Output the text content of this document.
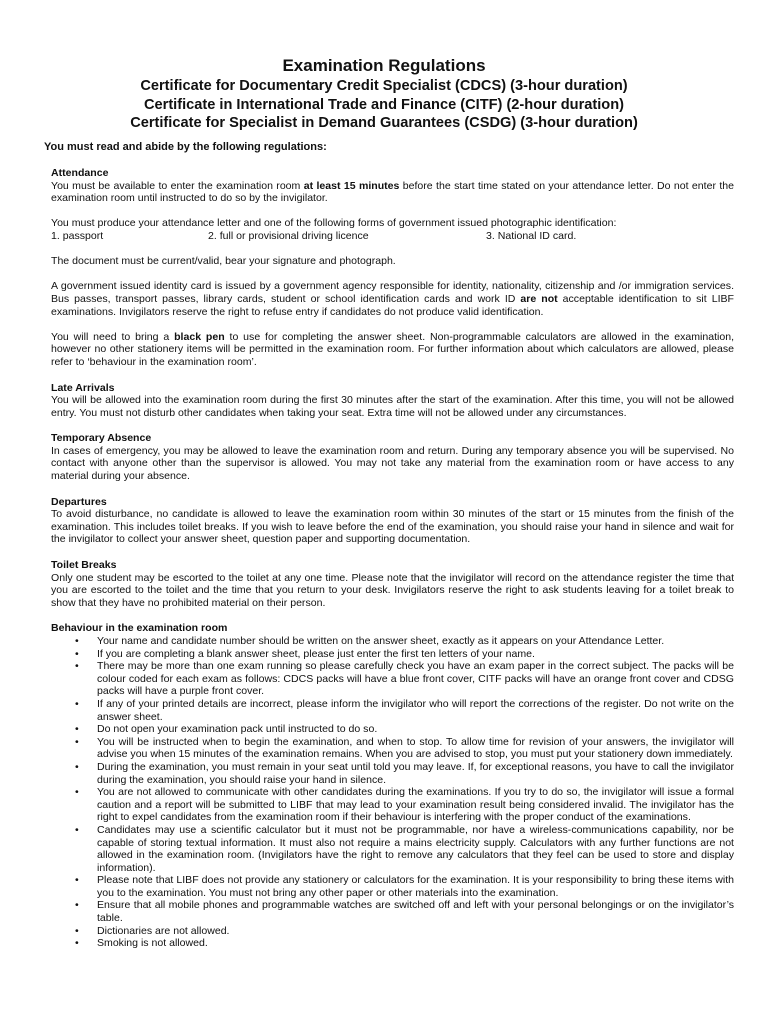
Examination Regulations
Certificate for Documentary Credit Specialist (CDCS) (3-hour duration)
Certificate in International Trade and Finance (CITF) (2-hour duration)
Certificate for Specialist in Demand Guarantees (CSDG) (3-hour duration)
You must read and abide by the following regulations:
Attendance

You must be available to enter the examination room at least 15 minutes before the start time stated on your attendance letter. Do not enter the examination room until instructed to do so by the invigilator.

You must produce your attendance letter and one of the following forms of government issued photographic identification:

1. passport	2. full or provisional driving licence	3. National ID card.

The document must be current/valid, bear your signature and photograph.

A government issued identity card is issued by a government agency responsible for identity, nationality, citizenship and /or immigration services. Bus passes, transport passes, library cards, student or school identification cards and work ID are not acceptable identification to sit LIBF examinations. Invigilators reserve the right to refuse entry if candidates do not produce valid identification.

You will need to bring a black pen to use for completing the answer sheet. Non-programmable calculators are allowed in the examination, however no other stationery items will be permitted in the examination room. For further information about which calculators are allowed, please refer to ‘behaviour in the examination room’.

Late Arrivals

You will be allowed into the examination room during the first 30 minutes after the start of the examination. After this time, you will not be allowed entry. You must not disturb other candidates when taking your seat. Extra time will not be allowed under any circumstances.

Temporary Absence

In cases of emergency, you may be allowed to leave the examination room and return. During any temporary absence you will be supervised. No contact with anyone other than the supervisor is allowed. You may not take any material from the examination room or have access to any material during your absence.

Departures

To avoid disturbance, no candidate is allowed to leave the examination room within 30 minutes of the start or 15 minutes from the finish of the examination. This includes toilet breaks. If you wish to leave before the end of the examination, you should raise your hand in silence and wait for the invigilator to collect your answer sheet, question paper and supporting documentation.

Toilet Breaks

Only one student may be escorted to the toilet at any one time. Please note that the invigilator will record on the attendance register the time that you are escorted to the toilet and the time that you return to your desk. Invigilators reserve the right to ask students leaving for a toilet break to show that they have no prohibited material on their person.

Behaviour in the examination room
• Your name and candidate number should be written on the answer sheet, exactly as it appears on your Attendance Letter.
• If you are completing a blank answer sheet, please just enter the first ten letters of your name.
• There may be more than one exam running so please carefully check you have an exam paper in the correct subject. The packs will be colour coded for each exam as follows: CDCS packs will have a blue front cover, CITF packs will have an orange front cover and CDSG packs will have a purple front cover.
• If any of your printed details are incorrect, please inform the invigilator who will report the corrections of the register. Do not write on the answer sheet.
• Do not open your examination pack until instructed to do so.
• You will be instructed when to begin the examination, and when to stop. To allow time for revision of your answers, the invigilator will advise you when 15 minutes of the examination remains. When you are advised to stop, you must put your stationery down immediately.
• During the examination, you must remain in your seat until told you may leave. If, for exceptional reasons, you have to call the invigilator during the examination, you should raise your hand in silence.
• You are not allowed to communicate with other candidates during the examinations. If you try to do so, the invigilator will issue a formal caution and a report will be submitted to LIBF that may lead to your examination result being considered invalid. The invigilator has the right to expel candidates from the examination room if their behaviour is interfering with the proper conduct of the examinations.
• Candidates may use a scientific calculator but it must not be programmable, nor have a wireless-communications capability, nor be capable of storing textual information. It must also not require a mains electricity supply. Calculators with any further functions are not allowed in the examination room. (Invigilators have the right to remove any calculators that they feel can be used to store and display information).
• Please note that LIBF does not provide any stationery or calculators for the examination. It is your responsibility to bring these items with you to the examination. You must not bring any other paper or other materials into the examination.
• Ensure that all mobile phones and programmable watches are switched off and left with your personal belongings or on the invigilator’s table.
• Dictionaries are not allowed.
• Smoking is not allowed.
